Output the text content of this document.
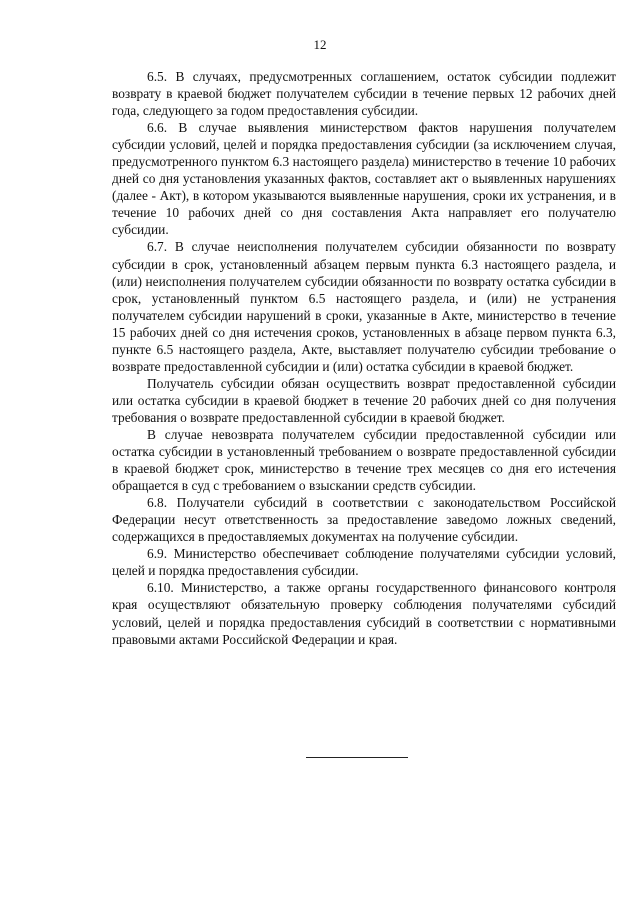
12

6.5. В случаях, предусмотренных соглашением, остаток субсидии подлежит возврату в краевой бюджет получателем субсидии в течение первых 12 рабочих дней года, следующего за годом предоставления субсидии.

6.6. В случае выявления министерством фактов нарушения получателем субсидии условий, целей и порядка предоставления субсидии (за исключением случая, предусмотренного пунктом 6.3 настоящего раздела) министерство в течение 10 рабочих дней со дня установления указанных фактов, составляет акт о выявленных нарушениях (далее - Акт), в котором указываются выявленные нарушения, сроки их устранения, и в течение 10 рабочих дней со дня составления Акта направляет его получателю субсидии.

6.7. В случае неисполнения получателем субсидии обязанности по возврату субсидии в срок, установленный абзацем первым пункта 6.3 настоящего раздела, и (или) неисполнения получателем субсидии обязанности по возврату остатка субсидии в срок, установленный пунктом 6.5 настоящего раздела, и (или) не устранения получателем субсидии нарушений в сроки, указанные в Акте, министерство в течение 15 рабочих дней со дня истечения сроков, установленных в абзаце первом пункта 6.3, пункте 6.5 настоящего раздела, Акте, выставляет получателю субсидии требование о возврате предоставленной субсидии и (или) остатка субсидии в краевой бюджет.

Получатель субсидии обязан осуществить возврат предоставленной субсидии или остатка субсидии в краевой бюджет в течение 20 рабочих дней со дня получения требования о возврате предоставленной субсидии в краевой бюджет.

В случае невозврата получателем субсидии предоставленной субсидии или остатка субсидии в установленный требованием о возврате предоставленной субсидии в краевой бюджет срок, министерство в течение трех месяцев со дня его истечения обращается в суд с требованием о взыскании средств субсидии.

6.8. Получатели субсидий в соответствии с законодательством Российской Федерации несут ответственность за предоставление заведомо ложных сведений, содержащихся в предоставляемых документах на получение субсидии.

6.9. Министерство обеспечивает соблюдение получателями субсидии условий, целей и порядка предоставления субсидии.

6.10. Министерство, а также органы государственного финансового контроля края осуществляют обязательную проверку соблюдения получателями субсидий условий, целей и порядка предоставления субсидий в соответствии с нормативными правовыми актами Российской Федерации и края.
